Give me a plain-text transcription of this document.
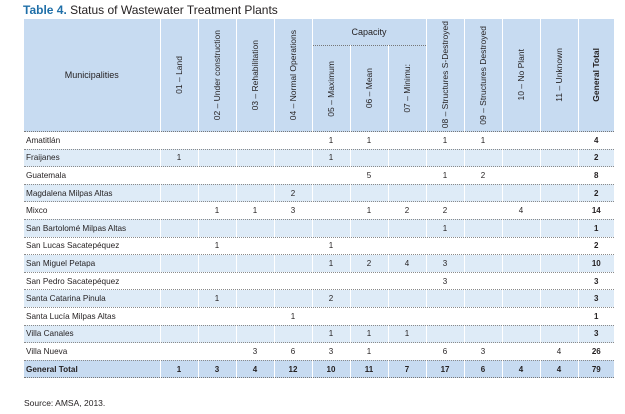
Table 4. Status of Wastewater Treatment Plants
Municipalities	01 – Land	02 – Under construction	03 – Rehabilitation	04 – Normal Operations	Capacity			08 – Structures S-Destroyed	09 – Structures Destroyed	10 – No Plant	11 – Unknown	General Total

					05 – Maximum	06 – Mean	07 – Minimu:					

Amatitlán					1	1		1	1			4
Fraijanes	1				1							2
Guatemala						5		1	2			8
Magdalena Milpas Altas				2								2
Mixco		1	1	3		1	2	2		4		14
San Bartolomé Milpas Altas								1				1
San Lucas Sacatepéquez		1			1							2
San Miguel Petapa					1	2	4	3				10
San Pedro Sacatepéquez								3				3
Santa Catarina Pinula		1			2							3
Santa Lucía Milpas Altas				1								1
Villa Canales					1	1	1					3
Villa Nueva			3	6	3	1		6	3		4	26
General Total	1	3	4	12	10	11	7	17	6	4	4	79
Source: AMSA, 2013.
